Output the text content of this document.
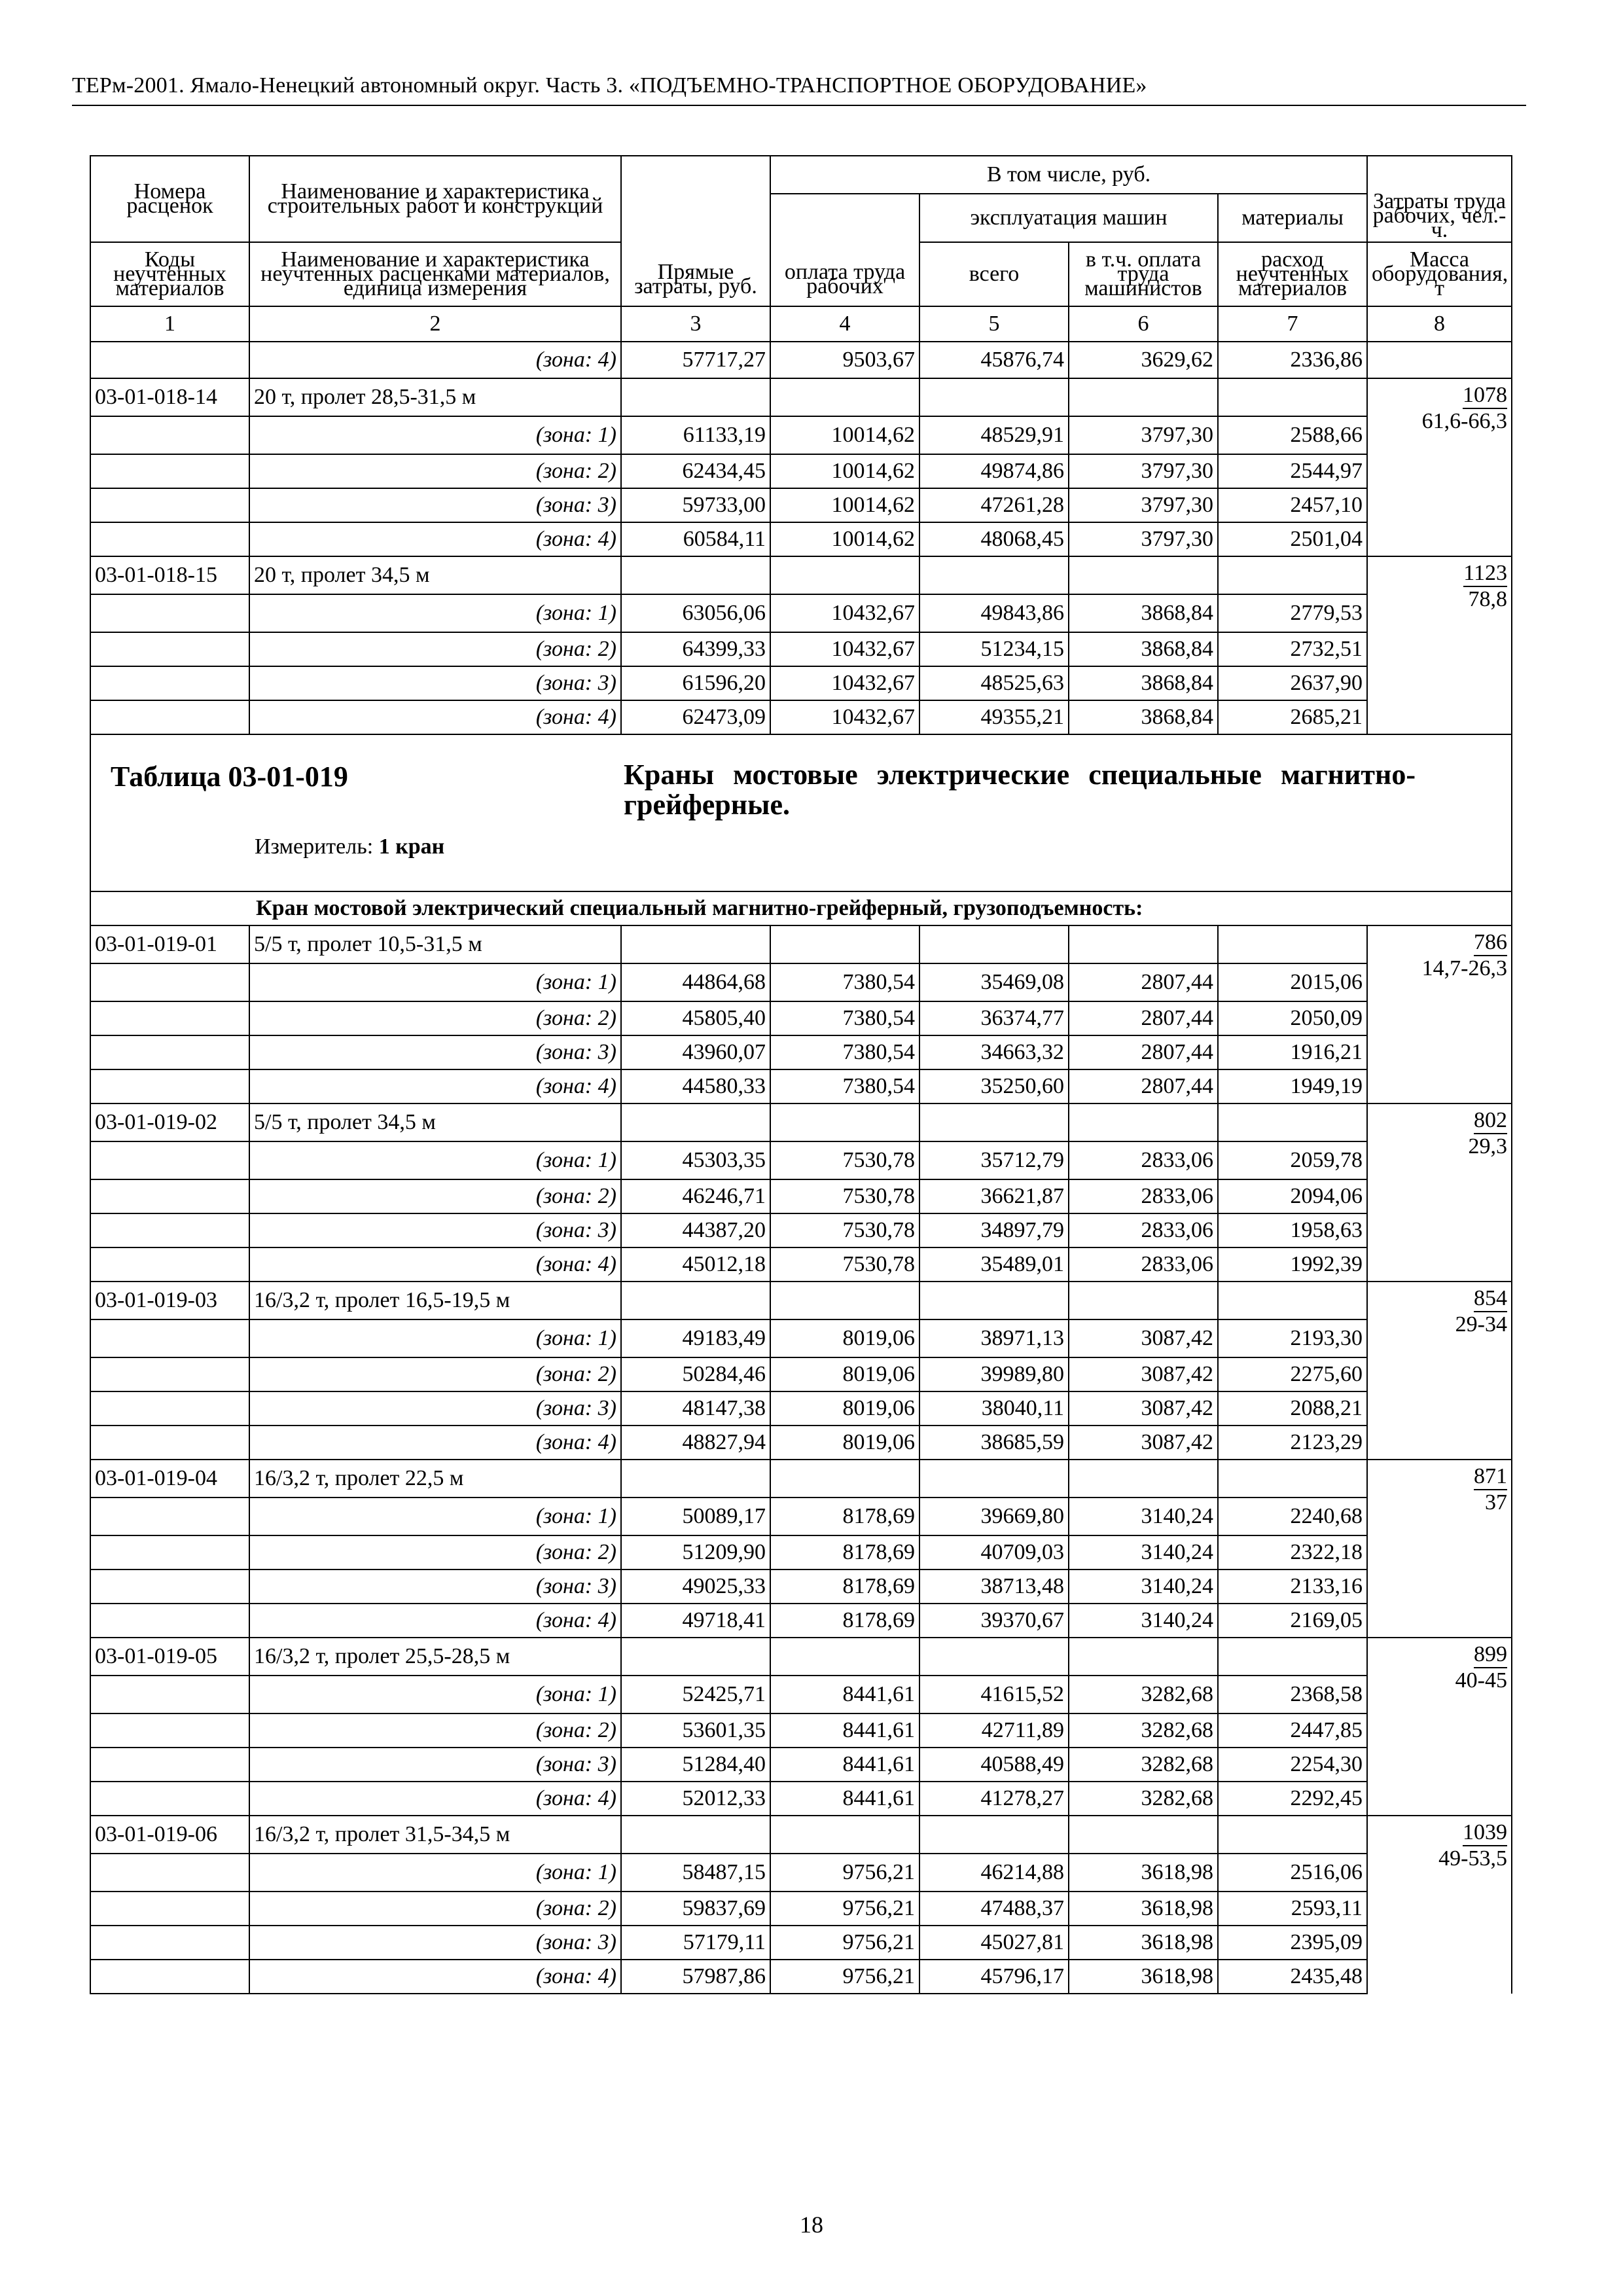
ТЕРм-2001. Ямало-Ненецкий автономный округ. Часть 3. «ПОДЪЕМНО-ТРАНСПОРТНОЕ ОБОРУДОВАНИЕ»
Номера расценок	Наименование и характеристика строительных работ и конструкций	Прямые затраты, руб.	В том числе, руб.				Затраты труда рабочих, чел.-ч.
			оплата труда рабочих	эксплуатация машин		материалы	
Коды неучтенных материалов	Наименование и характеристика неучтенных расценками материалов, единица измерения			всего	в т.ч. оплата труда машинистов	расход неучтенных материалов	Масса оборудования, т
1	2	3	4	5	6	7	8
	(зона: 4)	57717,27	9503,67	45876,74	3629,62	2336,86	
03-01-018-14	20 т, пролет 28,5-31,5 м						$\frac{1078}{61,6-66,3}$
	(зона: 1)	61133,19	10014,62	48529,91	3797,30	2588,66	
	(зона: 2)	62434,45	10014,62	49874,86	3797,30	2544,97	
	(зона: 3)	59733,00	10014,62	47261,28	3797,30	2457,10	
	(зона: 4)	60584,11	10014,62	48068,45	3797,30	2501,04	
03-01-018-15	20 т, пролет 34,5 м						$\frac{1123}{78,8}$
	(зона: 1)	63056,06	10432,67	49843,86	3868,84	2779,53	
	(зона: 2)	64399,33	10432,67	51234,15	3868,84	2732,51	
	(зона: 3)	61596,20	10432,67	48525,63	3868,84	2637,90	
	(зона: 4)	62473,09	10432,67	49355,21	3868,84	2685,21	

Таблица 03-01-019 Краны мостовые электрические специальные магнитно-грейферные.
Измеритель: 1 кран							

	Кран мостовой электрический специальный магнитно-грейферный, грузоподъемность:						
03-01-019-01	5/5 т, пролет 10,5-31,5 м						$\frac{786}{14,7-26,3}$
	(зона: 1)	44864,68	7380,54	35469,08	2807,44	2015,06	
	(зона: 2)	45805,40	7380,54	36374,77	2807,44	2050,09	
	(зона: 3)	43960,07	7380,54	34663,32	2807,44	1916,21	
	(зона: 4)	44580,33	7380,54	35250,60	2807,44	1949,19	
03-01-019-02	5/5 т, пролет 34,5 м						$\frac{802}{29,3}$
	(зона: 1)	45303,35	7530,78	35712,79	2833,06	2059,78	
	(зона: 2)	46246,71	7530,78	36621,87	2833,06	2094,06	
	(зона: 3)	44387,20	7530,78	34897,79	2833,06	1958,63	
	(зона: 4)	45012,18	7530,78	35489,01	2833,06	1992,39	
03-01-019-03	16/3,2 т, пролет 16,5-19,5 м						$\frac{854}{29-34}$
	(зона: 1)	49183,49	8019,06	38971,13	3087,42	2193,30	
	(зона: 2)	50284,46	8019,06	39989,80	3087,42	2275,60	
	(зона: 3)	48147,38	8019,06	38040,11	3087,42	2088,21	
	(зона: 4)	48827,94	8019,06	38685,59	3087,42	2123,29	
03-01-019-04	16/3,2 т, пролет 22,5 м						$\frac{871}{37}$
	(зона: 1)	50089,17	8178,69	39669,80	3140,24	2240,68	
	(зона: 2)	51209,90	8178,69	40709,03	3140,24	2322,18	
	(зона: 3)	49025,33	8178,69	38713,48	3140,24	2133,16	
	(зона: 4)	49718,41	8178,69	39370,67	3140,24	2169,05	
03-01-019-05	16/3,2 т, пролет 25,5-28,5 м						$\frac{899}{40-45}$
	(зона: 1)	52425,71	8441,61	41615,52	3282,68	2368,58	
	(зона: 2)	53601,35	8441,61	42711,89	3282,68	2447,85	
	(зона: 3)	51284,40	8441,61	40588,49	3282,68	2254,30	
	(зона: 4)	52012,33	8441,61	41278,27	3282,68	2292,45	
03-01-019-06	16/3,2 т, пролет 31,5-34,5 м						$\frac{1039}{49-53,5}$
	(зона: 1)	58487,15	9756,21	46214,88	3618,98	2516,06	
	(зона: 2)	59837,69	9756,21	47488,37	3618,98	2593,11	
	(зона: 3)	57179,11	9756,21	45027,81	3618,98	2395,09	
	(зона: 4)	57987,86	9756,21	45796,17	3618,98	2435,48	
18
